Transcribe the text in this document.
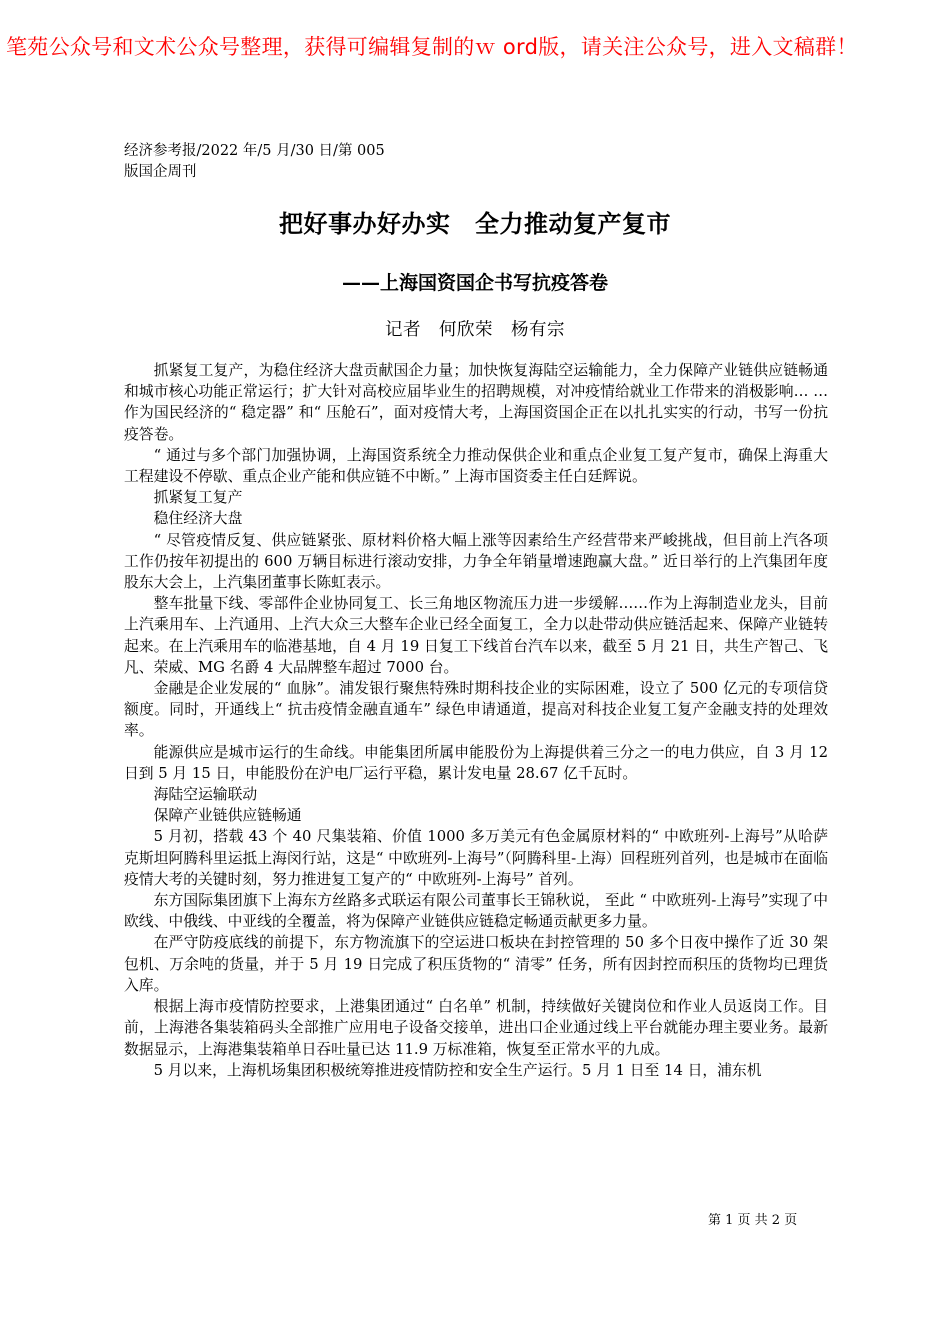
笔苑公众号和文术公众号整理，获得可编辑复制的ｗ ord版，请关注公众号，进入文稿群！
经济参考报/2022 年/5 月/30 日/第 005
版国企周刊
把好事办好办实　全力推动复产复市
——上海国资国企书写抗疫答卷
记者　何欣荣　杨有宗

抓紧复工复产，为稳住经济大盘贡献国企力量；加快恢复海陆空运输能力，全力保障产业链供应链畅通和城市核心功能正常运行；扩大针对高校应届毕业生的招聘规模，对冲疫情给就业工作带来的消极影响… … 作为国民经济的“ 稳定器” 和“ 压舱石”，面对疫情大考，上海国资国企正在以扎扎实实的行动，书写一份抗疫答卷。

“ 通过与多个部门加强协调，上海国资系统全力推动保供企业和重点企业复工复产复市，确保上海重大工程建设不停歇、重点企业产能和供应链不中断。” 上海市国资委主任白廷辉说。

抓紧复工复产

稳住经济大盘

“ 尽管疫情反复、供应链紧张、原材料价格大幅上涨等因素给生产经营带来严峻挑战，但目前上汽各项工作仍按年初提出的 600 万辆目标进行滚动安排，力争全年销量增速跑赢大盘。” 近日举行的上汽集团年度股东大会上，上汽集团董事长陈虹表示。

整车批量下线、零部件企业协同复工、长三角地区物流压力进一步缓解……作为上海制造业龙头，目前上汽乘用车、上汽通用、上汽大众三大整车企业已经全面复工，全力以赴带动供应链活起来、保障产业链转起来。在上汽乘用车的临港基地，自 4 月 19 日复工下线首台汽车以来，截至 5 月 21 日，共生产智己、飞凡、荣威、MG 名爵 4 大品牌整车超过 7000 台。

金融是企业发展的“ 血脉”。浦发银行聚焦特殊时期科技企业的实际困难，设立了 500 亿元的专项信贷额度。同时，开通线上“ 抗击疫情金融直通车” 绿色申请通道，提高对科技企业复工复产金融支持的处理效率。

能源供应是城市运行的生命线。申能集团所属申能股份为上海提供着三分之一的电力供应，自 3 月 12 日到 5 月 15 日，申能股份在沪电厂运行平稳，累计发电量 28.67 亿千瓦时。

海陆空运输联动

保障产业链供应链畅通

5 月初，搭载 43 个 40 尺集装箱、价值 1000 多万美元有色金属原材料的“ 中欧班列-上海号”从哈萨克斯坦阿腾科里运抵上海闵行站，这是“ 中欧班列-上海号”（阿腾科里-上海）回程班列首列，也是城市在面临疫情大考的关键时刻，努力推进复工复产的“ 中欧班列-上海号” 首列。

东方国际集团旗下上海东方丝路多式联运有限公司董事长王锦秋说， 至此 “ 中欧班列-上海号”实现了中欧线、中俄线、中亚线的全覆盖，将为保障产业链供应链稳定畅通贡献更多力量。

在严守防疫底线的前提下，东方物流旗下的空运进口板块在封控管理的 50 多个日夜中操作了近 30 架包机、万余吨的货量，并于 5 月 19 日完成了积压货物的“ 清零” 任务，所有因封控而积压的货物均已理货入库。

根据上海市疫情防控要求，上港集团通过“ 白名单” 机制，持续做好关键岗位和作业人员返岗工作。目前，上海港各集装箱码头全部推广应用电子设备交接单，进出口企业通过线上平台就能办理主要业务。最新数据显示，上海港集装箱单日吞吐量已达 11.9 万标准箱，恢复至正常水平的九成。

5 月以来，上海机场集团积极统筹推进疫情防控和安全生产运行。5 月 1 日至 14 日，浦东机

第 1 页 共 2 页
